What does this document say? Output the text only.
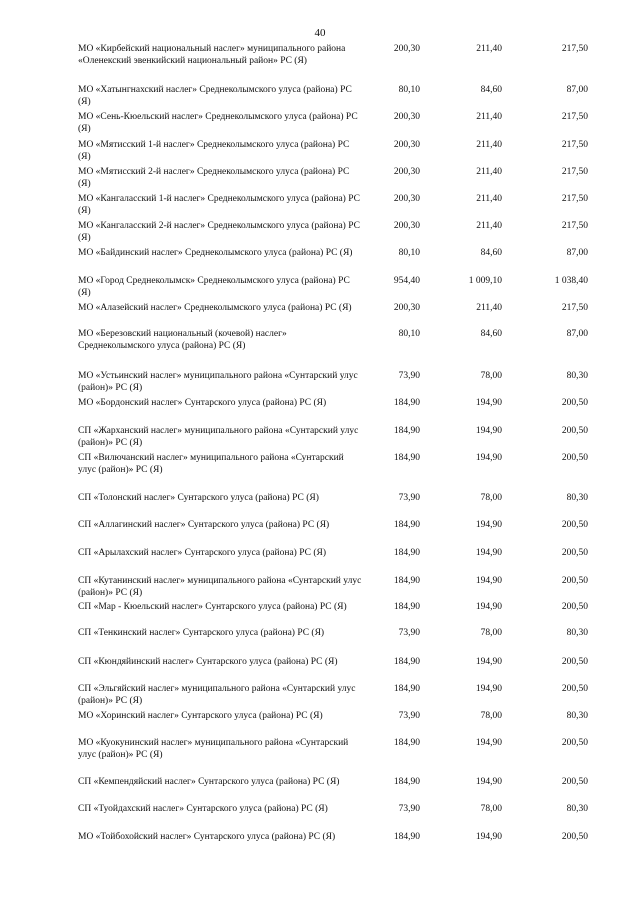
40
МО «Кирбейский национальный наслег» муниципального района «Оленекский эвенкийский национальный район» РС (Я)
200,30	211,40	217,50
МО «Хатынгнахский наслег» Среднеколымского улуса (района) РС (Я)
80,10	84,60	87,00
МО «Сень-Кюельский наслег» Среднеколымского улуса (района) РС (Я)
200,30	211,40	217,50
МО «Мятисский 1-й наслег» Среднеколымского улуса (района) РС (Я)
200,30	211,40	217,50
МО «Мятисский 2-й наслег» Среднеколымского улуса (района) РС (Я)
200,30	211,40	217,50
МО «Кангаласский 1-й наслег» Среднеколымского улуса (района) РС (Я)
200,30	211,40	217,50
МО «Кангаласский 2-й наслег» Среднеколымского улуса (района) РС (Я)
200,30	211,40	217,50
МО «Байдинский наслег» Среднеколымского улуса (района) РС (Я)	80,10	84,60	87,00
МО «Город Среднеколымск» Среднеколымского улуса (района) РС (Я)
954,40	1 009,10	1 038,40
МО «Алазейский наслег» Среднеколымского улуса (района) РС (Я)	200,30	211,40	217,50
МО «Березовский национальный (кочевой) наслег» Среднеколымского улуса (района) РС (Я)
80,10	84,60	87,00
МО «Устьинский наслег» муниципального района «Сунтарский улус (район)» РС (Я)
73,90	78,00	80,30
МО «Бордонский наслег» Сунтарского улуса (района) РС (Я)	184,90	194,90	200,50
СП «Жарханский наслег» муниципального района «Сунтарский улус (район)» РС (Я)
184,90	194,90	200,50
СП «Вилючанский наслег» муниципального района «Сунтарский улус (район)» РС (Я)
184,90	194,90	200,50
СП «Толонский наслег» Сунтарского улуса (района) РС (Я)	73,90	78,00	80,30
СП «Аллагинский наслег» Сунтарского улуса (района) РС (Я)	184,90	194,90	200,50
СП «Арылахский наслег» Сунтарского улуса (района) РС (Я)	184,90	194,90	200,50
СП «Кутанинский наслег» муниципального района «Сунтарский улус (район)» РС (Я)
184,90	194,90	200,50
СП «Мар - Кюельский наслег» Сунтарского улуса (района) РС (Я)	184,90	194,90	200,50
СП «Тенкинский наслег» Сунтарского улуса (района) РС (Я)	73,90	78,00	80,30
СП «Кюндяйинский наслег» Сунтарского улуса (района) РС (Я)	184,90	194,90	200,50
СП «Эльгяйский наслег» муниципального района «Сунтарский улус (район)» РС (Я)
184,90	194,90	200,50
МО «Хоринский наслег» Сунтарского улуса (района) РС (Я)	73,90	78,00	80,30
МО «Куокунинский наслег» муниципального района «Сунтарский улус (район)» РС (Я)
184,90	194,90	200,50
СП «Кемпендяйский наслег» Сунтарского улуса (района) РС (Я)	184,90	194,90	200,50
СП «Туойдахский наслег» Сунтарского улуса (района) РС (Я)	73,90	78,00	80,30
МО «Тойбохойский наслег» Сунтарского улуса (района) РС (Я)	184,90	194,90	200,50
